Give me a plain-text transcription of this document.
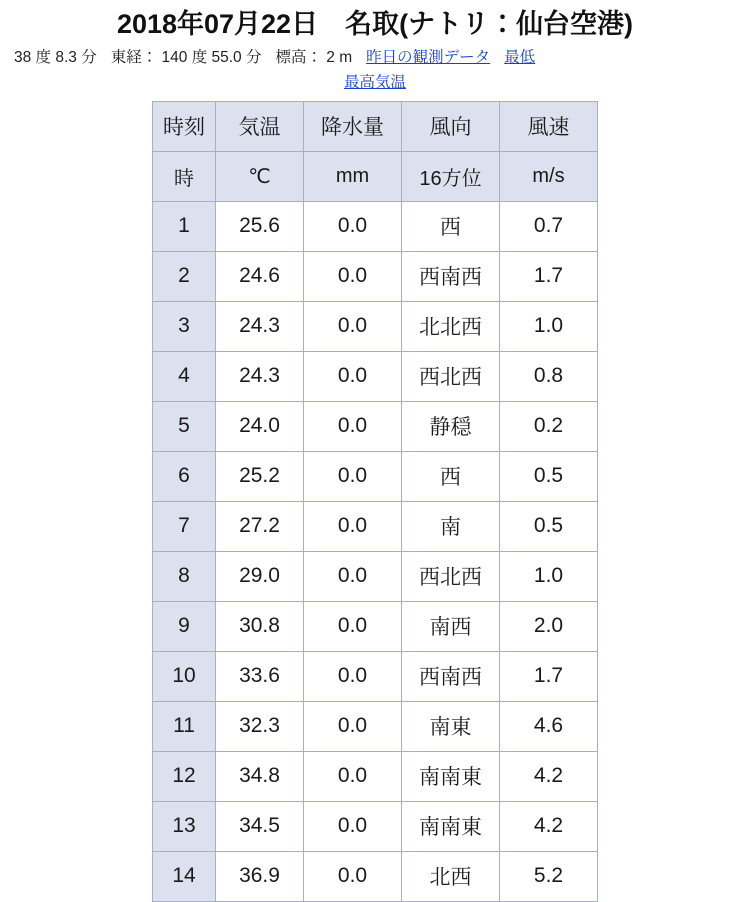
2018年07月22日　名取(ナトリ：仙台空港)
38 度 8.3 分 東経： 140 度 55.0 分 標高： 2 m 昨日の観測データ 最低
最高気温
時刻	気温	降水量	風向	風速
時	℃	mm	16方位	m/s
1	25.6	0.0	西	0.7
2	24.6	0.0	西南西	1.7
3	24.3	0.0	北北西	1.0
4	24.3	0.0	西北西	0.8
5	24.0	0.0	静穏	0.2
6	25.2	0.0	西	0.5
7	27.2	0.0	南	0.5
8	29.0	0.0	西北西	1.0
9	30.8	0.0	南西	2.0
10	33.6	0.0	西南西	1.7
11	32.3	0.0	南東	4.6
12	34.8	0.0	南南東	4.2
13	34.5	0.0	南南東	4.2
14	36.9	0.0	北西	5.2
